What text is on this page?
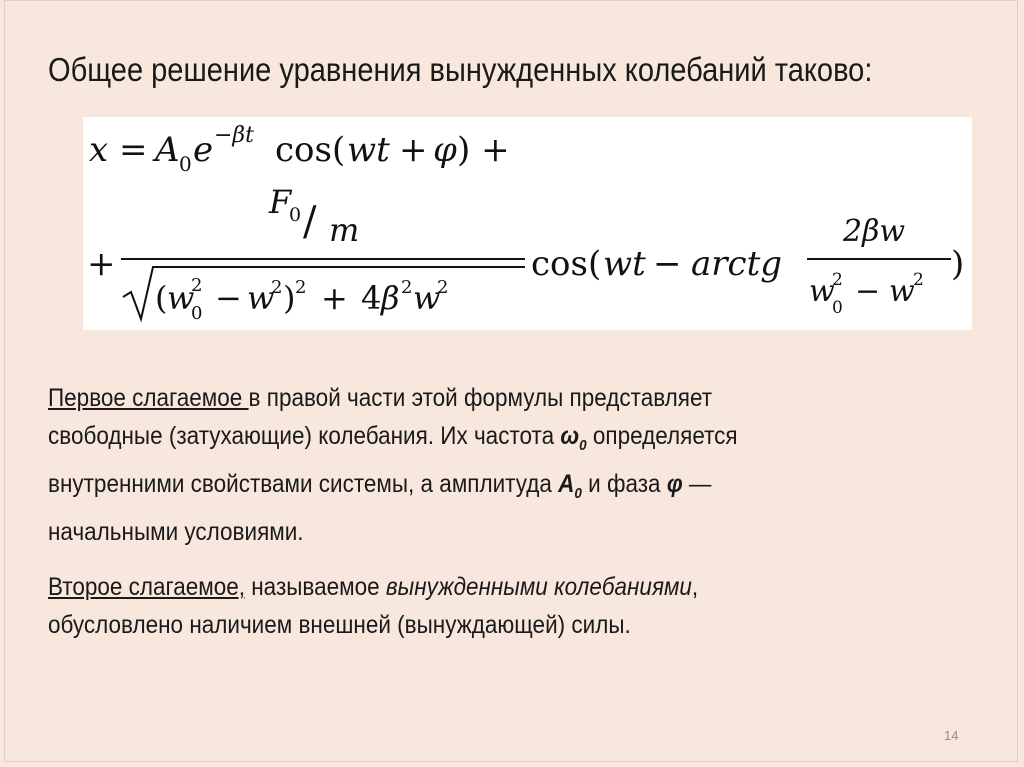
Общее решение уравнения вынужденных колебаний таково:
x = A 0 e −βt cos( wt + φ ) +
+
F
0 / m
( w
2
0 − w
2 ) 2 + 4 β 2 w
2
cos( wt − arctg
2βw
w
2
0 − w
2 )
Первое слагаемое в правой части этой формулы представляет
свободные (затухающие) колебания. Их частота $\omega_0$ определяется
внутренними свойствами системы, а амплитуда $A_0$ и фаза φ —
начальными условиями.
Второе слагаемое, называемое вынужденными колебаниями,
обусловлено наличием внешней (вынуждающей) силы.
14
